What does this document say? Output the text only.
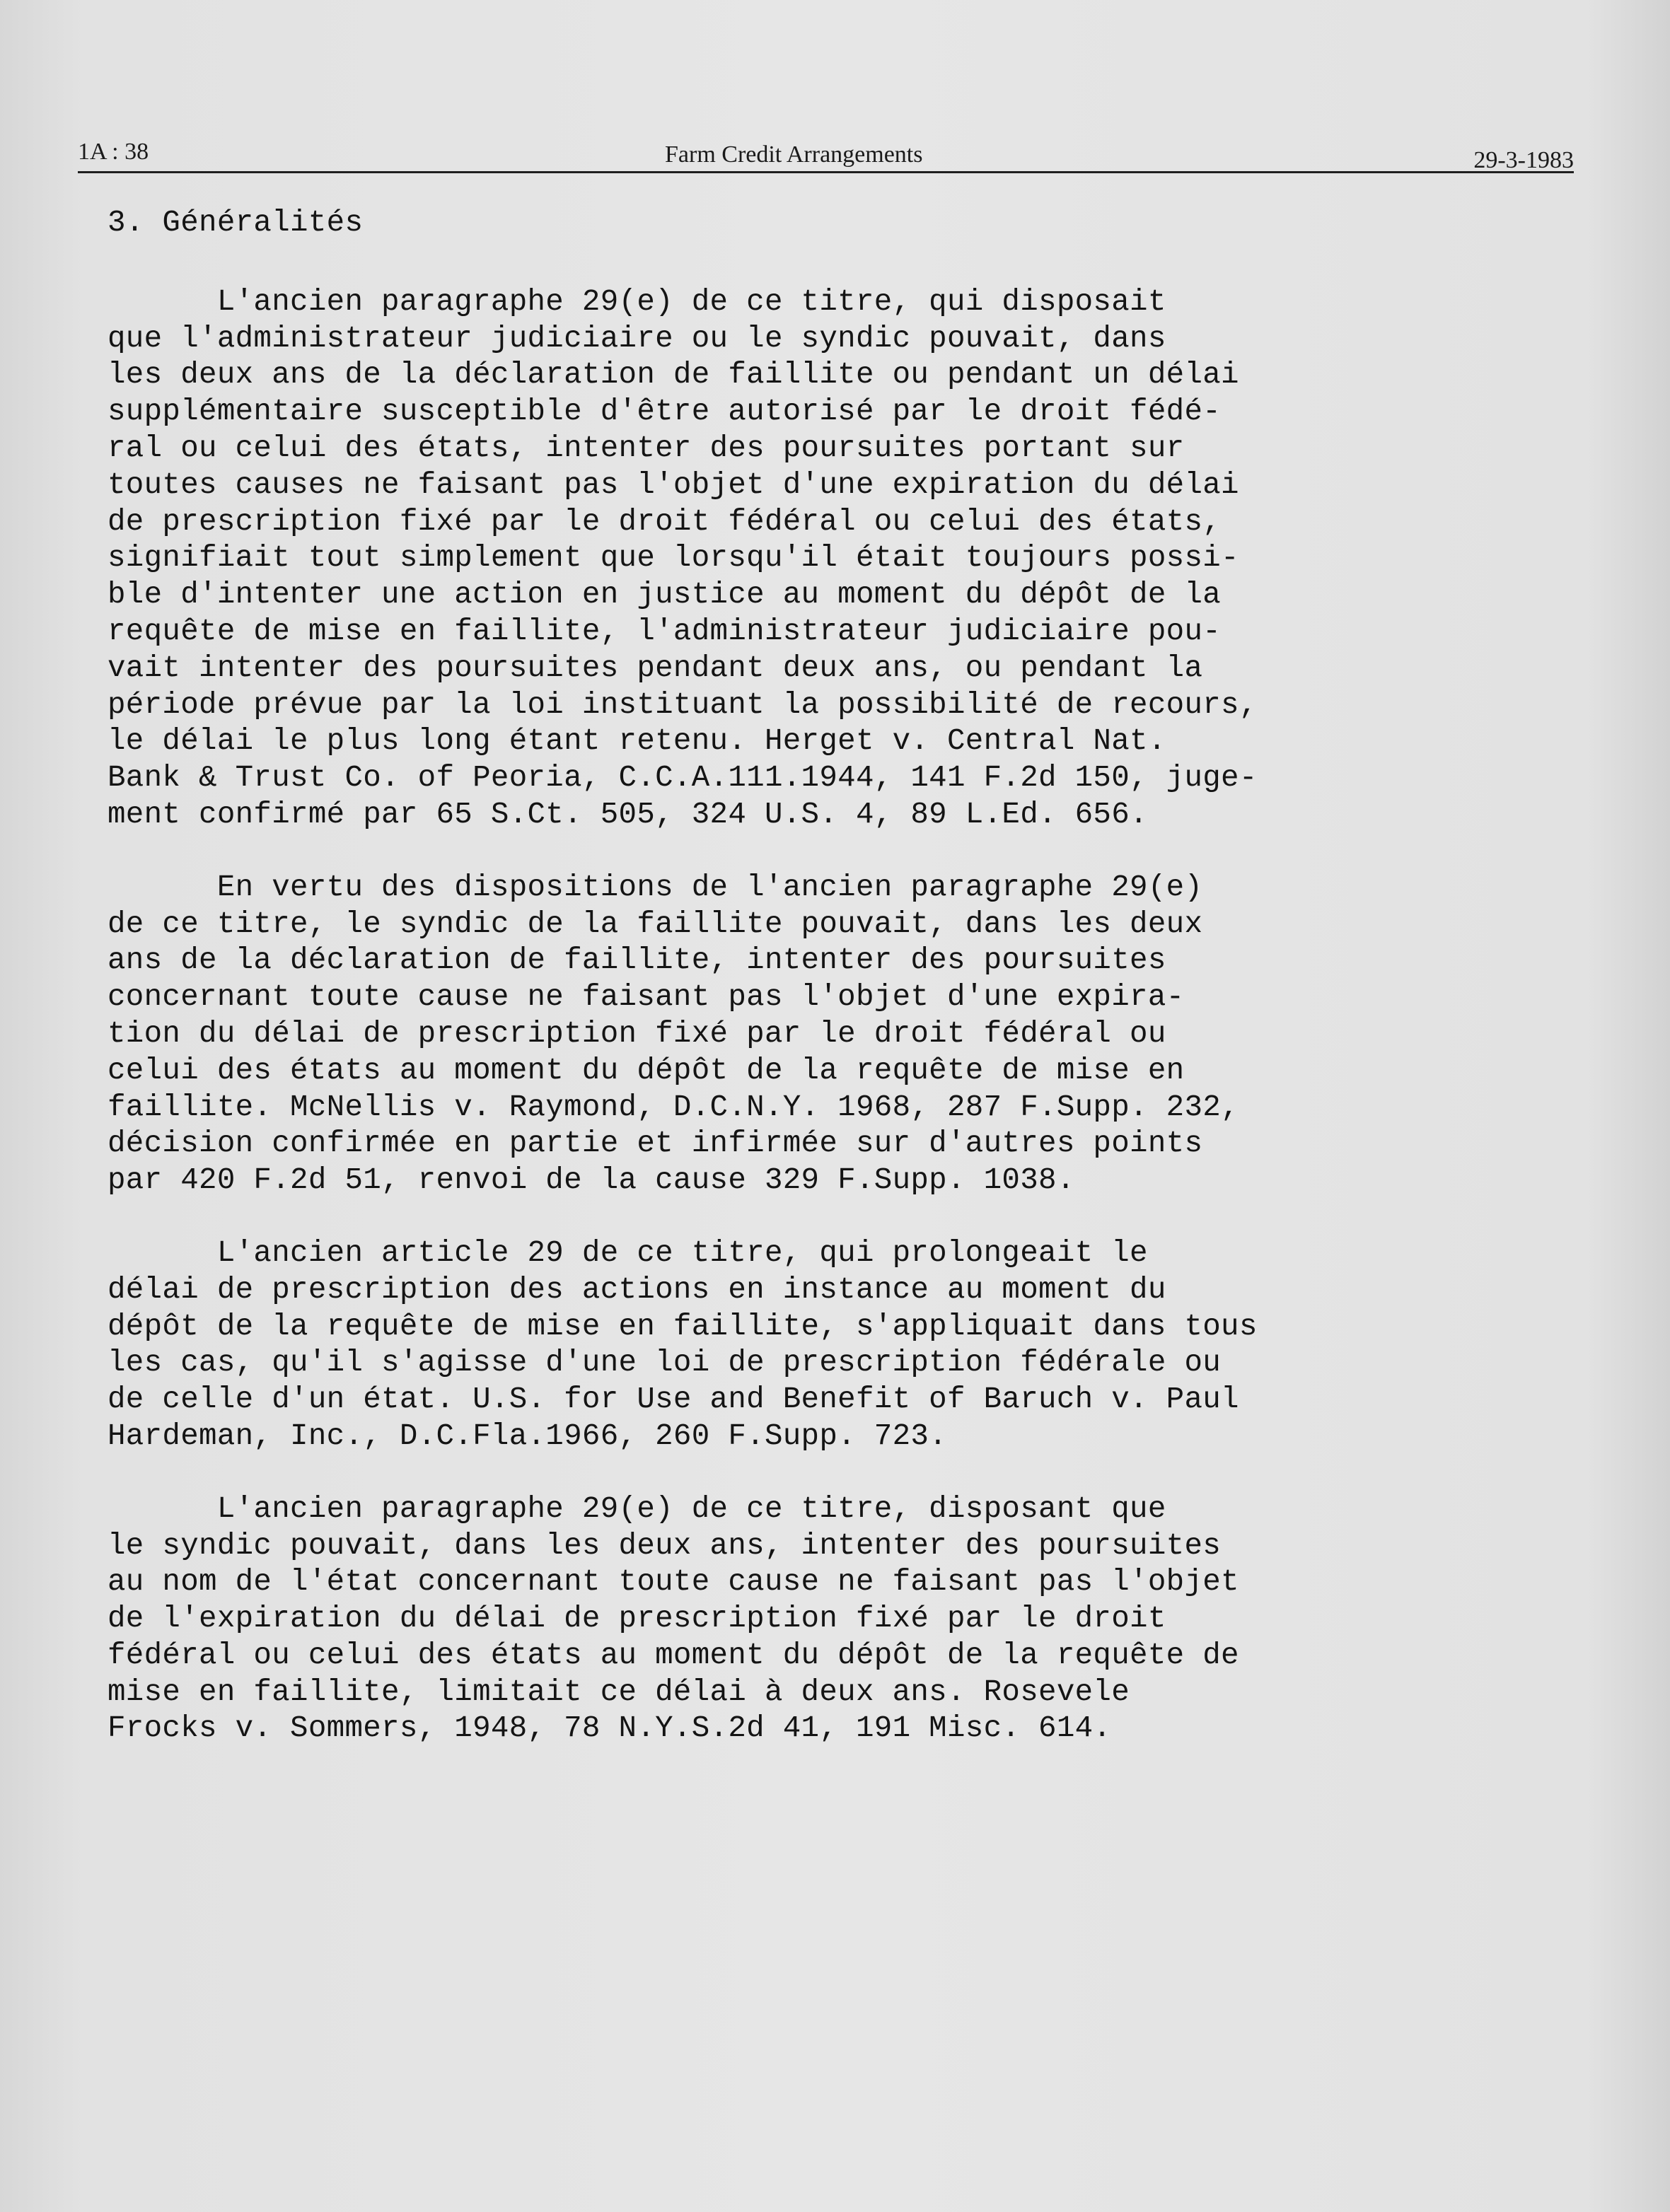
1A : 38	Farm Credit Arrangements	29-3-1983
3. Généralités
L'ancien paragraphe 29(e) de ce titre, qui disposait
que l'administrateur judiciaire ou le syndic pouvait, dans
les deux ans de la déclaration de faillite ou pendant un délai
supplémentaire susceptible d'être autorisé par le droit fédé-
ral ou celui des états, intenter des poursuites portant sur
toutes causes ne faisant pas l'objet d'une expiration du délai
de prescription fixé par le droit fédéral ou celui des états,
signifiait tout simplement que lorsqu'il était toujours possi-
ble d'intenter une action en justice au moment du dépôt de la
requête de mise en faillite, l'administrateur judiciaire pou-
vait intenter des poursuites pendant deux ans, ou pendant la
période prévue par la loi instituant la possibilité de recours,
le délai le plus long étant retenu. Herget v. Central Nat.
Bank & Trust Co. of Peoria, C.C.A.111.1944, 141 F.2d 150, juge-
ment confirmé par 65 S.Ct. 505, 324 U.S. 4, 89 L.Ed. 656.
En vertu des dispositions de l'ancien paragraphe 29(e)
de ce titre, le syndic de la faillite pouvait, dans les deux
ans de la déclaration de faillite, intenter des poursuites
concernant toute cause ne faisant pas l'objet d'une expira-
tion du délai de prescription fixé par le droit fédéral ou
celui des états au moment du dépôt de la requête de mise en
faillite. McNellis v. Raymond, D.C.N.Y. 1968, 287 F.Supp. 232,
décision confirmée en partie et infirmée sur d'autres points
par 420 F.2d 51, renvoi de la cause 329 F.Supp. 1038.
L'ancien article 29 de ce titre, qui prolongeait le
délai de prescription des actions en instance au moment du
dépôt de la requête de mise en faillite, s'appliquait dans tous
les cas, qu'il s'agisse d'une loi de prescription fédérale ou
de celle d'un état. U.S. for Use and Benefit of Baruch v. Paul
Hardeman, Inc., D.C.Fla.1966, 260 F.Supp. 723.
L'ancien paragraphe 29(e) de ce titre, disposant que
le syndic pouvait, dans les deux ans, intenter des poursuites
au nom de l'état concernant toute cause ne faisant pas l'objet
de l'expiration du délai de prescription fixé par le droit
fédéral ou celui des états au moment du dépôt de la requête de
mise en faillite, limitait ce délai à deux ans. Rosevele
Frocks v. Sommers, 1948, 78 N.Y.S.2d 41, 191 Misc. 614.
